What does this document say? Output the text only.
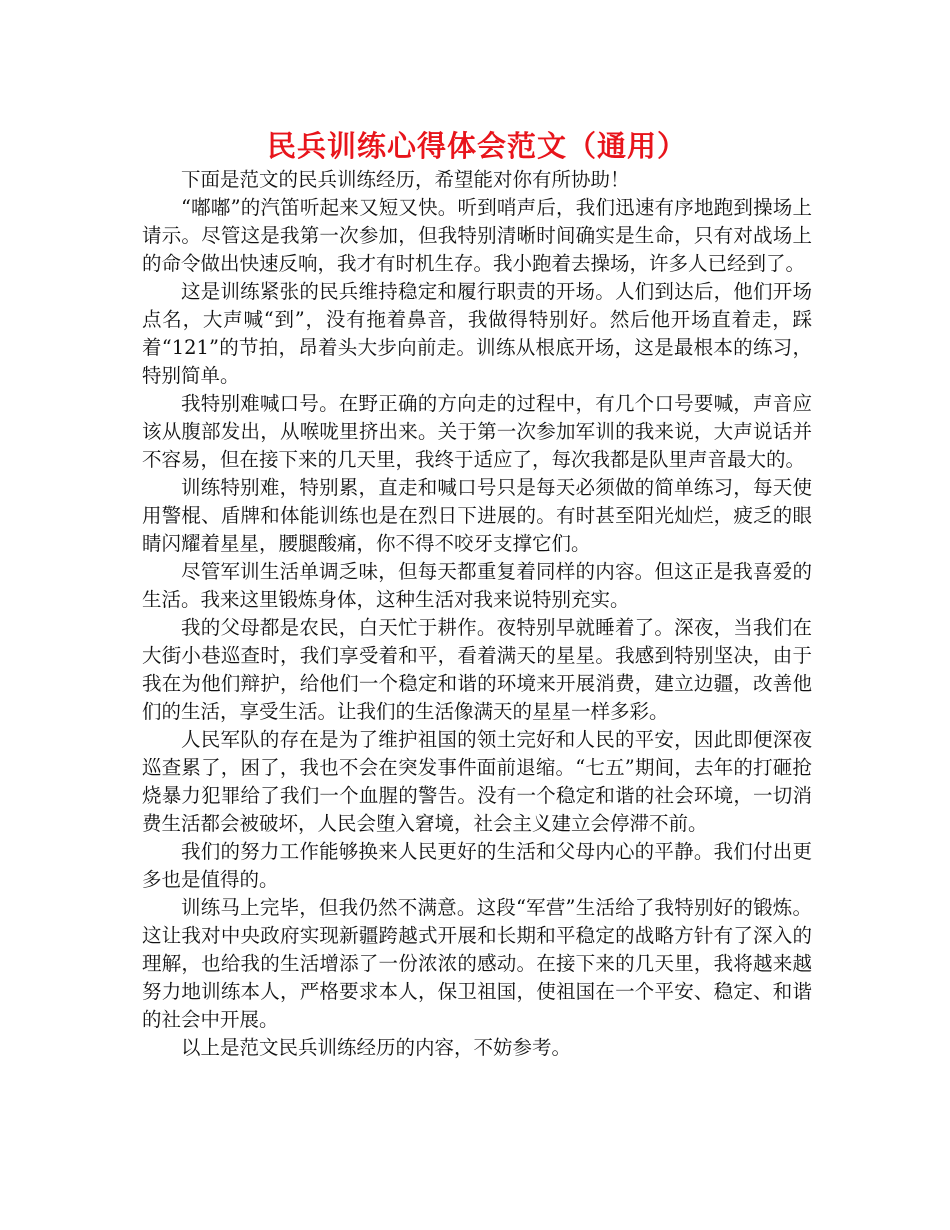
民兵训练心得体会范文（通用）

下面是范文的民兵训练经历，希望能对你有所协助！

“嘟嘟”的汽笛听起来又短又快。听到哨声后，我们迅速有序地跑到操场上请示。尽管这是我第一次参加，但我特别清晰时间确实是生命，只有对战场上的命令做出快速反响，我才有时机生存。我小跑着去操场，许多人已经到了。

这是训练紧张的民兵维持稳定和履行职责的开场。人们到达后，他们开场点名，大声喊“到”，没有拖着鼻音，我做得特别好。然后他开场直着走，踩着“121”的节拍，昂着头大步向前走。训练从根底开场，这是最根本的练习，特别简单。

我特别难喊口号。在野正确的方向走的过程中，有几个口号要喊，声音应该从腹部发出，从喉咙里挤出来。关于第一次参加军训的我来说，大声说话并不容易，但在接下来的几天里，我终于适应了，每次我都是队里声音最大的。

训练特别难，特别累，直走和喊口号只是每天必须做的简单练习，每天使用警棍、盾牌和体能训练也是在烈日下进展的。有时甚至阳光灿烂，疲乏的眼睛闪耀着星星，腰腿酸痛，你不得不咬牙支撑它们。

尽管军训生活单调乏味，但每天都重复着同样的内容。但这正是我喜爱的生活。我来这里锻炼身体，这种生活对我来说特别充实。

我的父母都是农民，白天忙于耕作。夜特别早就睡着了。深夜，当我们在大街小巷巡查时，我们享受着和平，看着满天的星星。我感到特别坚决，由于我在为他们辩护，给他们一个稳定和谐的环境来开展消费，建立边疆，改善他们的生活，享受生活。让我们的生活像满天的星星一样多彩。

人民军队的存在是为了维护祖国的领土完好和人民的平安，因此即便深夜巡查累了，困了，我也不会在突发事件面前退缩。“七五”期间，去年的打砸抢烧暴力犯罪给了我们一个血腥的警告。没有一个稳定和谐的社会环境，一切消费生活都会被破坏，人民会堕入窘境，社会主义建立会停滞不前。

我们的努力工作能够换来人民更好的生活和父母内心的平静。我们付出更多也是值得的。

训练马上完毕，但我仍然不满意。这段“军营”生活给了我特别好的锻炼。这让我对中央政府实现新疆跨越式开展和长期和平稳定的战略方针有了深入的理解，也给我的生活增添了一份浓浓的感动。在接下来的几天里，我将越来越努力地训练本人，严格要求本人，保卫祖国，使祖国在一个平安、稳定、和谐的社会中开展。

以上是范文民兵训练经历的内容，不妨参考。
